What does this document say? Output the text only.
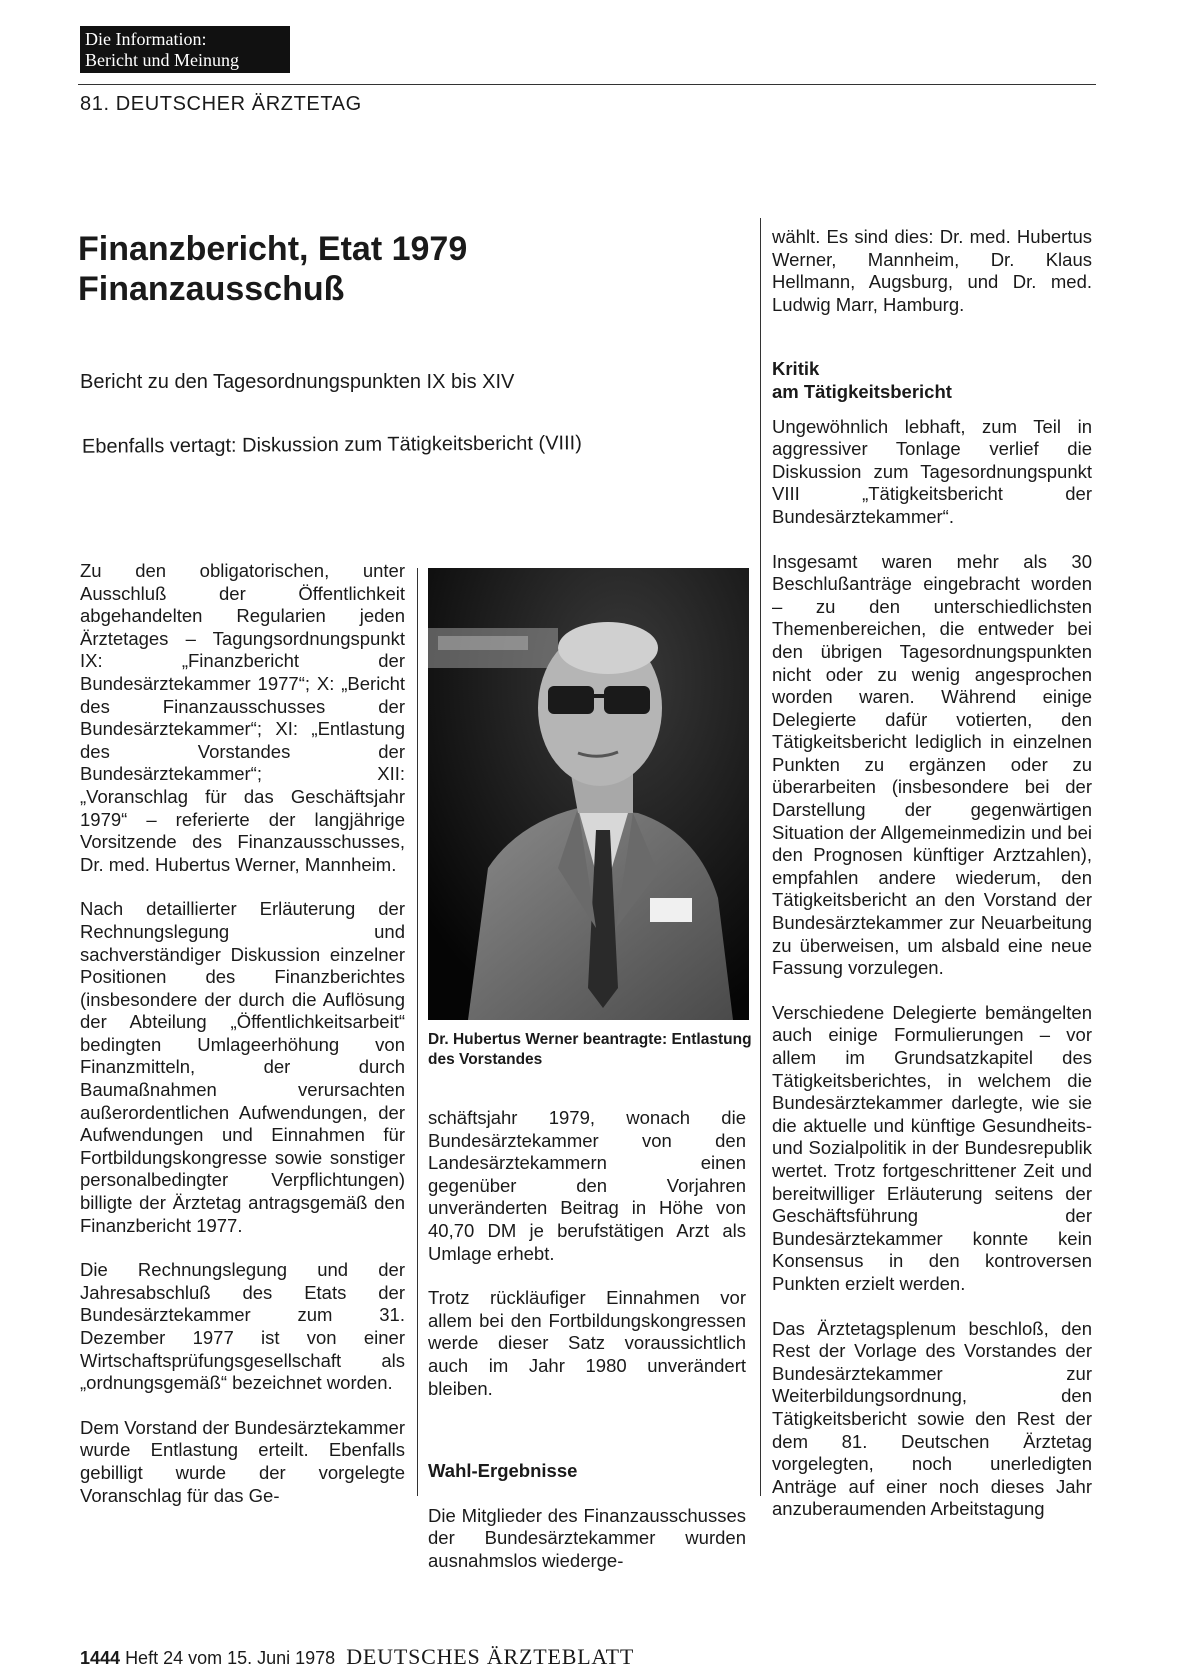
Die Information:
Bericht und Meinung
81. DEUTSCHER ÄRZTETAG
Finanzbericht, Etat 1979
Finanzausschuß
Bericht zu den Tagesordnungspunkten IX bis XIV
Ebenfalls vertagt: Diskussion zum Tätigkeitsbericht (VIII)

Zu den obligatorischen, unter Ausschluß der Öffentlichkeit abgehandelten Regularien jeden Ärztetages – Tagungsordnungspunkt IX: „Finanzbericht der Bundesärztekammer 1977“; X: „Bericht des Finanzausschusses der Bundesärztekammer“; XI: „Entlastung des Vorstandes der Bundesärztekammer“; XII: „Voranschlag für das Geschäftsjahr 1979“ – referierte der langjährige Vorsitzende des Finanzausschusses, Dr. med. Hubertus Werner, Mannheim.

Nach detaillierter Erläuterung der Rechnungslegung und sachverständiger Diskussion einzelner Positionen des Finanzberichtes (insbesondere der durch die Auflösung der Abteilung „Öffentlichkeitsarbeit“ bedingten Umlageerhöhung von Finanzmitteln, der durch Baumaßnahmen verursachten außerordentlichen Aufwendungen, der Aufwendungen und Einnahmen für Fortbildungskongresse sowie sonstiger personalbedingter Verpflichtungen) billigte der Ärztetag antragsgemäß den Finanzbericht 1977.

Die Rechnungslegung und der Jahresabschluß des Etats der Bundesärztekammer zum 31. Dezember 1977 ist von einer Wirtschaftsprüfungsgesellschaft als „ordnungsgemäß“ bezeichnet worden.

Dem Vorstand der Bundesärztekammer wurde Entlastung erteilt. Ebenfalls gebilligt wurde der vorgelegte Voranschlag für das Ge-

Dr. Hubertus Werner beantragte: Entlastung des Vorstandes

schäftsjahr 1979, wonach die Bundesärztekammer von den Landesärztekammern einen gegenüber den Vorjahren unveränderten Beitrag in Höhe von 40,70 DM je berufstätigen Arzt als Umlage erhebt.

Trotz rückläufiger Einnahmen vor allem bei den Fortbildungskongressen werde dieser Satz voraussichtlich auch im Jahr 1980 unverändert bleiben.

Wahl-Ergebnisse

Die Mitglieder des Finanzausschusses der Bundesärztekammer wurden ausnahmslos wiederge-

wählt. Es sind dies: Dr. med. Hubertus Werner, Mannheim, Dr. Klaus Hellmann, Augsburg, und Dr. med. Ludwig Marr, Hamburg.

Kritik
am Tätigkeitsbericht

Ungewöhnlich lebhaft, zum Teil in aggressiver Tonlage verlief die Diskussion zum Tagesordnungspunkt VIII „Tätigkeitsbericht der Bundesärztekammer“.

Insgesamt waren mehr als 30 Beschlußanträge eingebracht worden – zu den unterschiedlichsten Themenbereichen, die entweder bei den übrigen Tagesordnungspunkten nicht oder zu wenig angesprochen worden waren. Während einige Delegierte dafür votierten, den Tätigkeitsbericht lediglich in einzelnen Punkten zu ergänzen oder zu überarbeiten (insbesondere bei der Darstellung der gegenwärtigen Situation der Allgemeinmedizin und bei den Prognosen künftiger Arztzahlen), empfahlen andere wiederum, den Tätigkeitsbericht an den Vorstand der Bundesärztekammer zur Neuarbeitung zu überweisen, um alsbald eine neue Fassung vorzulegen.

Verschiedene Delegierte bemängelten auch einige Formulierungen – vor allem im Grundsatzkapitel des Tätigkeitsberichtes, in welchem die Bundesärztekammer darlegte, wie sie die aktuelle und künftige Gesundheits- und Sozialpolitik in der Bundesrepublik wertet. Trotz fortgeschrittener Zeit und bereitwilliger Erläuterung seitens der Geschäftsführung der Bundesärztekammer konnte kein Konsensus in den kontroversen Punkten erzielt werden.

Das Ärztetagsplenum beschloß, den Rest der Vorlage des Vorstandes der Bundesärztekammer zur Weiterbildungsordnung, den Tätigkeitsbericht sowie den Rest der dem 81. Deutschen Ärztetag vorgelegten, noch unerledigten Anträge auf einer noch dieses Jahr anzuberaumenden Arbeitstagung

1444 Heft 24 vom 15. Juni 1978 DEUTSCHES ÄRZTEBLATT
